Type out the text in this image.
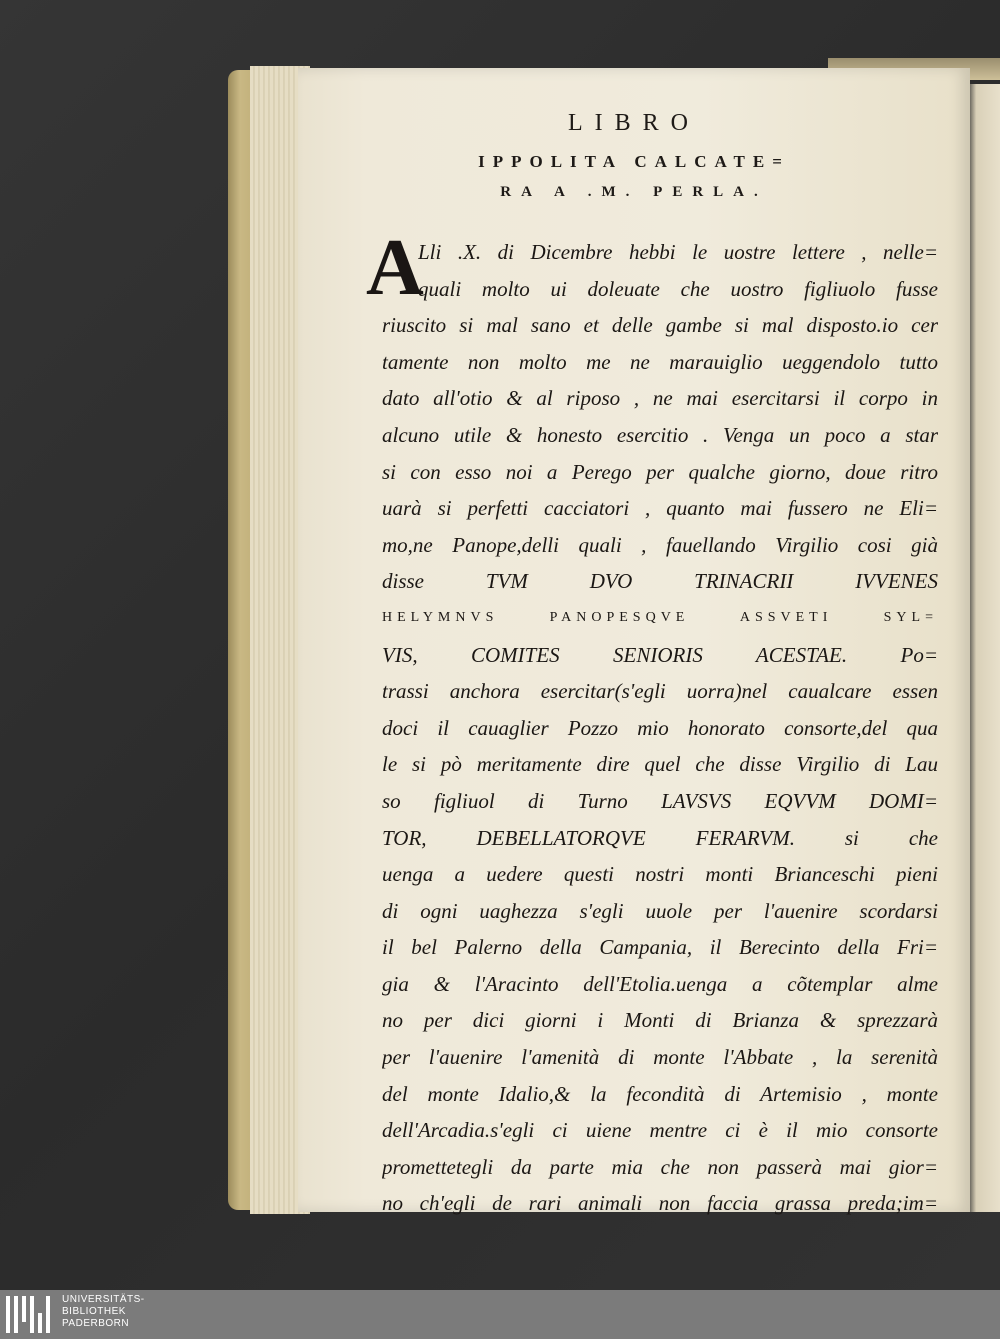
LIBRO
IPPOLITA CALCATE=
RA A .M. PERLA.
A
Lli .X. di Dicembre hebbi le uostre lettere , nelle=
quali molto ui doleuate che uostro figliuolo fusse
riuscito si mal sano et delle gambe si mal disposto.io cer
tamente non molto me ne marauiglio ueggendolo tutto
dato all'otio & al riposo , ne mai esercitarsi il corpo in
alcuno utile & honesto esercitio . Venga un poco a star
si con esso noi a Perego per qualche giorno, doue ritro
uarà si perfetti cacciatori , quanto mai fussero ne Eli=
mo,ne Panope,delli quali , fauellando Virgilio cosi già
disse TVM DVO TRINACRII IVVENES
HELYMNVS PANOPESQVE ASSVETI SYL=
VIS, COMITES SENIORIS ACESTAE. Po=
trassi anchora esercitar(s'egli uorra)nel caualcare essen
doci il cauaglier Pozzo mio honorato consorte,del qua
le si pò meritamente dire quel che disse Virgilio di Lau
so figliuol di Turno LAVSVS EQVVM DOMI=
TOR, DEBELLATORQVE FERARVM. si che
uenga a uedere questi nostri monti Brianceschi pieni
di ogni uaghezza s'egli uuole per l'auenire scordarsi
il bel Palerno della Campania, il Berecinto della Fri=
gia & l'Aracinto dell'Etolia.uenga a cõtemplar alme
no per dici giorni i Monti di Brianza & sprezzarà
per l'auenire l'amenità di monte l'Abbate , la serenità
del monte Idalio,& la fecondità di Artemisio , monte
dell'Arcadia.s'egli ci uiene mentre ci è il mio consorte
promettetegli da parte mia che non passerà mai gior=
no ch'egli de rari animali non faccia grassa preda;im=
UNIVERSITÄTS-
BIBLIOTHEK
PADERBORN
